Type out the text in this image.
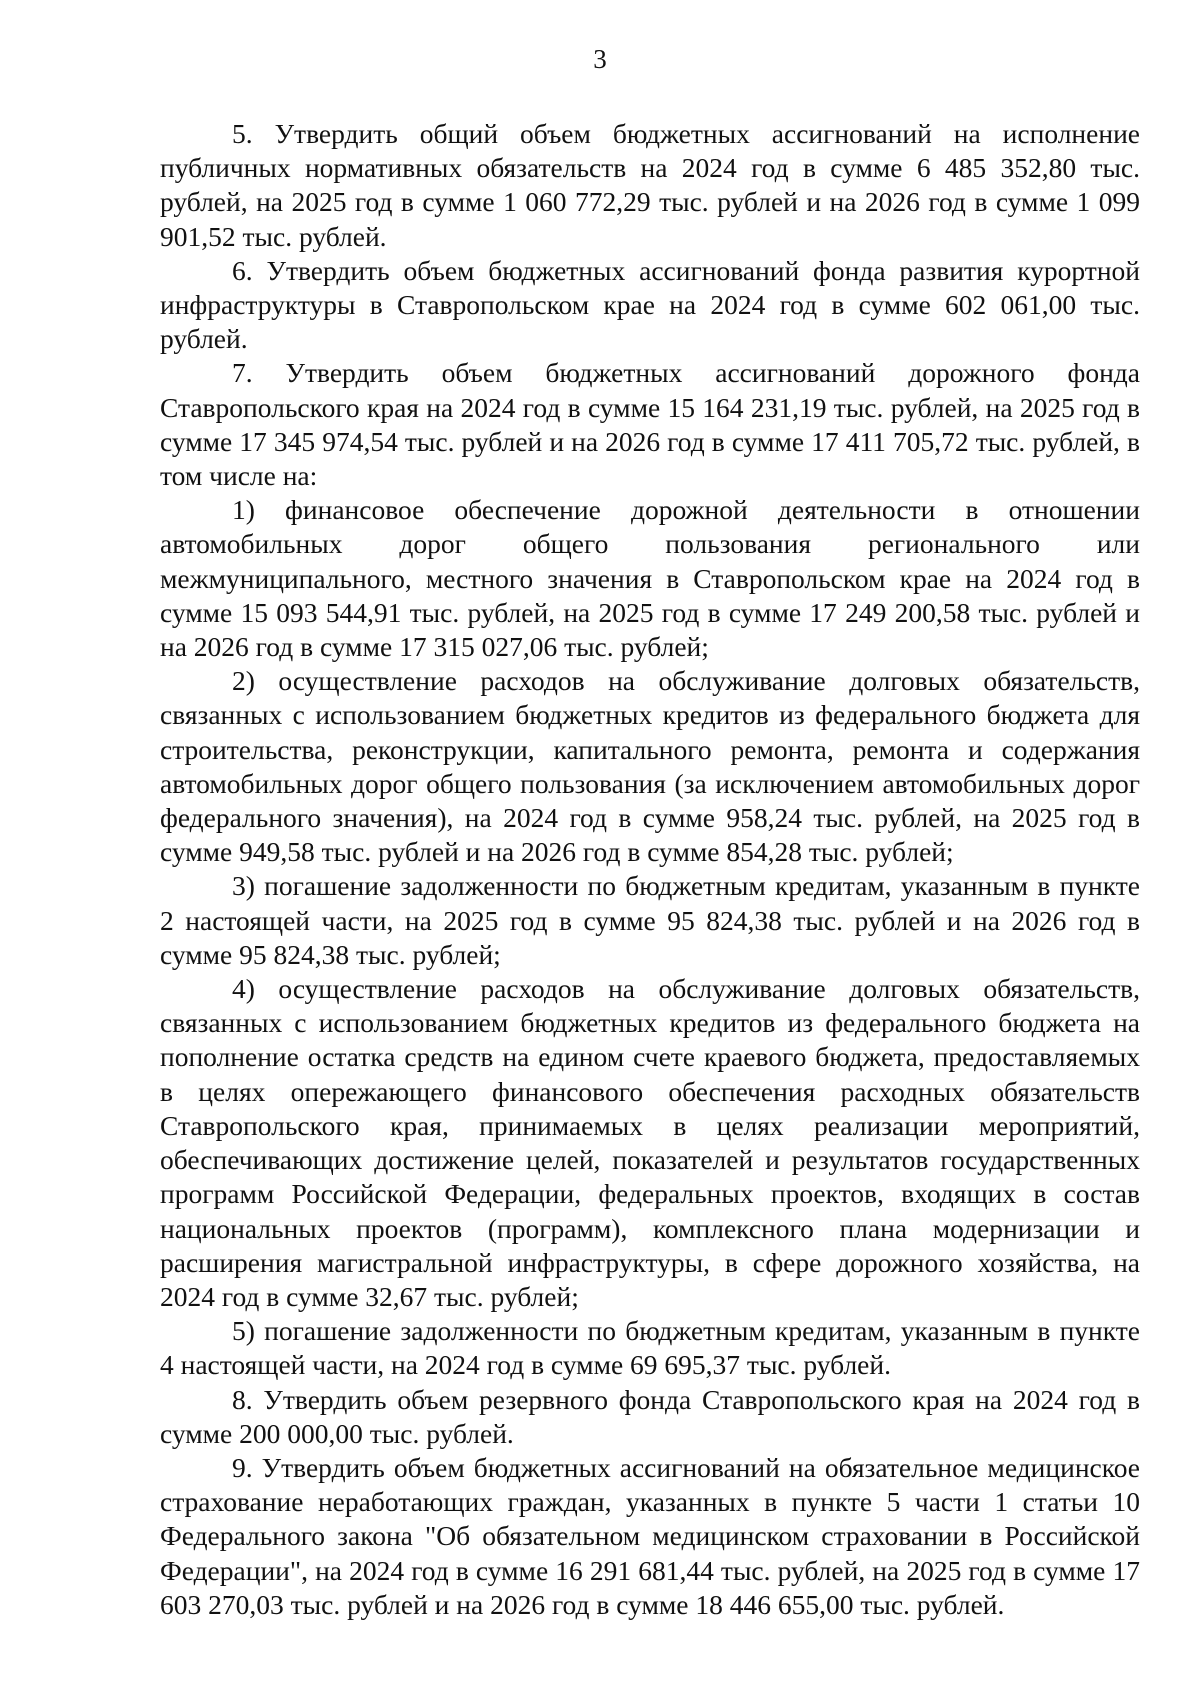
3

5. Утвердить общий объем бюджетных ассигнований на исполнение публичных нормативных обязательств на 2024 год в сумме 6 485 352,80 тыс. рублей, на 2025 год в сумме 1 060 772,29 тыс. рублей и на 2026 год в сумме 1 099 901,52 тыс. рублей.

6. Утвердить объем бюджетных ассигнований фонда развития курортной инфраструктуры в Ставропольском крае на 2024 год в сумме 602 061,00 тыс. рублей.

7. Утвердить объем бюджетных ассигнований дорожного фонда Ставропольского края на 2024 год в сумме 15 164 231,19 тыс. рублей, на 2025 год в сумме 17 345 974,54 тыс. рублей и на 2026 год в сумме 17 411 705,72 тыс. рублей, в том числе на:

1) финансовое обеспечение дорожной деятельности в отношении автомобильных дорог общего пользования регионального или межмуниципального, местного значения в Ставропольском крае на 2024 год в сумме 15 093 544,91 тыс. рублей, на 2025 год в сумме 17 249 200,58 тыс. рублей и на 2026 год в сумме 17 315 027,06 тыс. рублей;

2) осуществление расходов на обслуживание долговых обязательств, связанных с использованием бюджетных кредитов из федерального бюджета для строительства, реконструкции, капитального ремонта, ремонта и содержания автомобильных дорог общего пользования (за исключением автомобильных дорог федерального значения), на 2024 год в сумме 958,24 тыс. рублей, на 2025 год в сумме 949,58 тыс. рублей и на 2026 год в сумме 854,28 тыс. рублей;

3) погашение задолженности по бюджетным кредитам, указанным в пункте 2 настоящей части, на 2025 год в сумме 95 824,38 тыс. рублей и на 2026 год в сумме 95 824,38 тыс. рублей;

4) осуществление расходов на обслуживание долговых обязательств, связанных с использованием бюджетных кредитов из федерального бюджета на пополнение остатка средств на едином счете краевого бюджета, предоставляемых в целях опережающего финансового обеспечения расходных обязательств Ставропольского края, принимаемых в целях реализации мероприятий, обеспечивающих достижение целей, показателей и результатов государственных программ Российской Федерации, федеральных проектов, входящих в состав национальных проектов (программ), комплексного плана модернизации и расширения магистральной инфраструктуры, в сфере дорожного хозяйства, на 2024 год в сумме 32,67 тыс. рублей;

5) погашение задолженности по бюджетным кредитам, указанным в пункте 4 настоящей части, на 2024 год в сумме 69 695,37 тыс. рублей.

8. Утвердить объем резервного фонда Ставропольского края на 2024 год в сумме 200 000,00 тыс. рублей.

9. Утвердить объем бюджетных ассигнований на обязательное медицинское страхование неработающих граждан, указанных в пункте 5 части 1 статьи 10 Федерального закона "Об обязательном медицинском страховании в Российской Федерации", на 2024 год в сумме 16 291 681,44 тыс. рублей, на 2025 год в сумме 17 603 270,03 тыс. рублей и на 2026 год в сумме 18 446 655,00 тыс. рублей.
